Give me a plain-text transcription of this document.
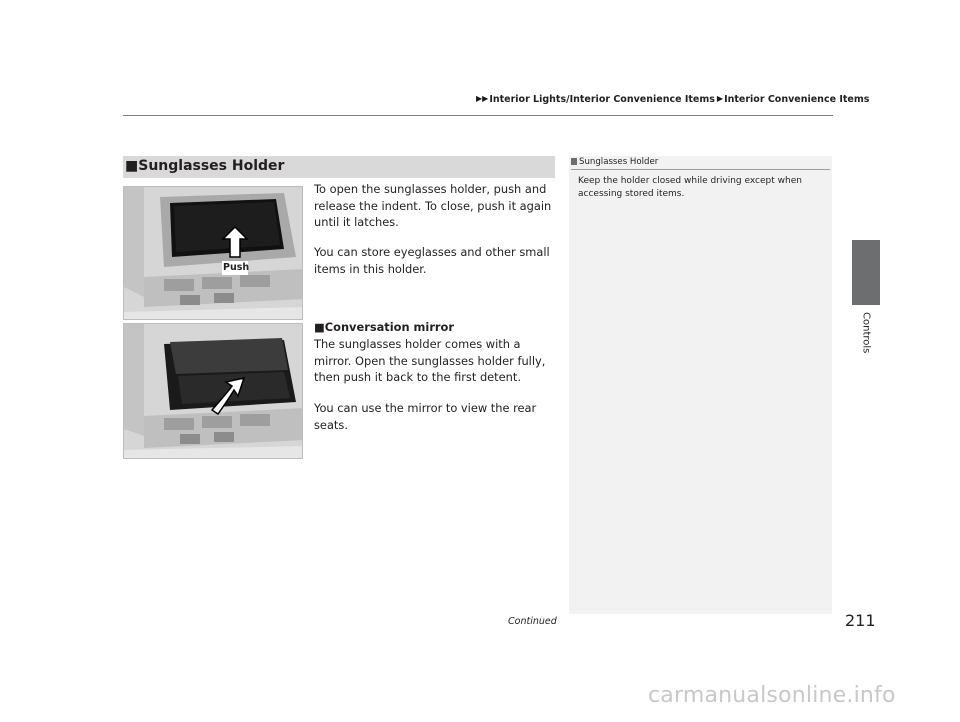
▶▶Interior Lights/Interior Convenience Items ▶Interior Convenience Items
Controls
■Sunglasses Holder
Push
To open the sunglasses holder, push and release the indent. To close, push it again until it latches.
You can store eyeglasses and other small items in this holder.
■Conversation mirror
The sunglasses holder comes with a mirror. Open the sunglasses holder fully, then push it back to the first detent.
You can use the mirror to view the rear seats.
Sunglasses Holder
Keep the holder closed while driving except when accessing stored items.
Continued	211
carmanualsonline.info
